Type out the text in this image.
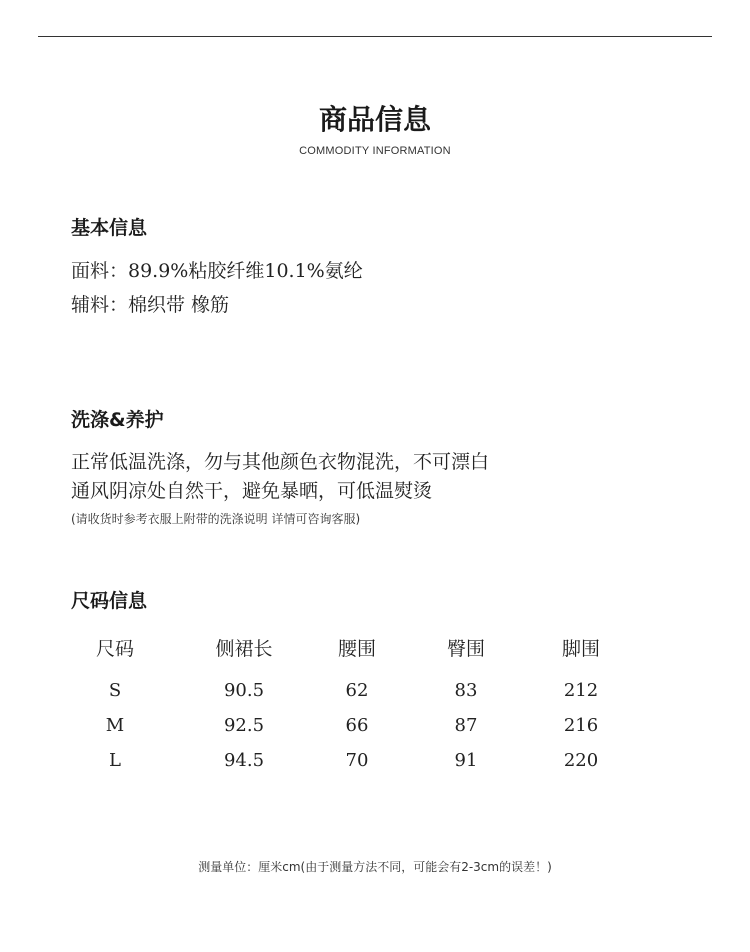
商品信息
COMMODITY INFORMATION
基本信息
面料：89.9%粘胶纤维10.1%氨纶
辅料：棉织带 橡筋
洗涤&养护
正常低温洗涤，勿与其他颜色衣物混洗，不可漂白
通风阴凉处自然干，避免暴晒，可低温熨烫
(请收货时参考衣服上附带的洗涤说明 详情可咨询客服)
尺码信息
尺码	侧裙长	腰围	臀围	脚围
S	90.5	62	83	212
M	92.5	66	87	216
L	94.5	70	91	220
测量单位：厘米cm(由于测量方法不同，可能会有2-3cm的误差！)
